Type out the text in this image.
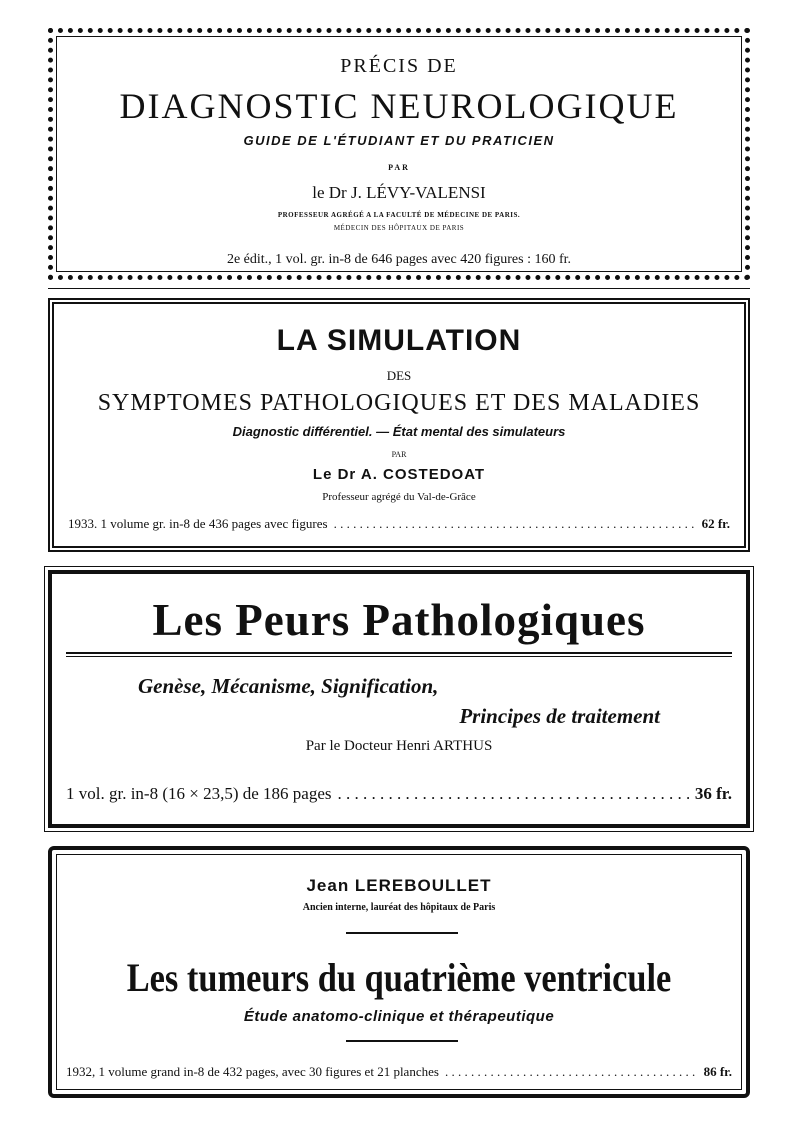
PRÉCIS DE
DIAGNOSTIC NEUROLOGIQUE
GUIDE DE L'ÉTUDIANT ET DU PRATICIEN
PAR
le Dr J. LÉVY-VALENSI
PROFESSEUR AGRÉGÉ A LA FACULTÉ DE MÉDECINE DE PARIS.
MÉDECIN DES HÔPITAUX DE PARIS
2e édit., 1 vol. gr. in-8 de 646 pages avec 420 figures : 160 fr.
LA SIMULATION
DES
SYMPTOMES PATHOLOGIQUES ET DES MALADIES
Diagnostic différentiel. — État mental des simulateurs
PAR
Le Dr A. COSTEDOAT
Professeur agrégé du Val-de-Grâce
1933. 1 volume gr. in-8 de 436 pages avec figures . . .	62 fr.
Les Peurs Pathologiques
Genèse, Mécanisme, Signification,
Principes de traitement
Par le Docteur Henri ARTHUS
1 vol. gr. in-8 (16 × 23,5) de 186 pages . . .	36 fr.
Jean LEREBOULLET
Ancien interne, lauréat des hôpitaux de Paris
Les tumeurs du quatrième ventricule
Étude anatomo-clinique et thérapeutique
1932, 1 volume grand in-8 de 432 pages, avec 30 figures et 21 planches . . .	86 fr.
